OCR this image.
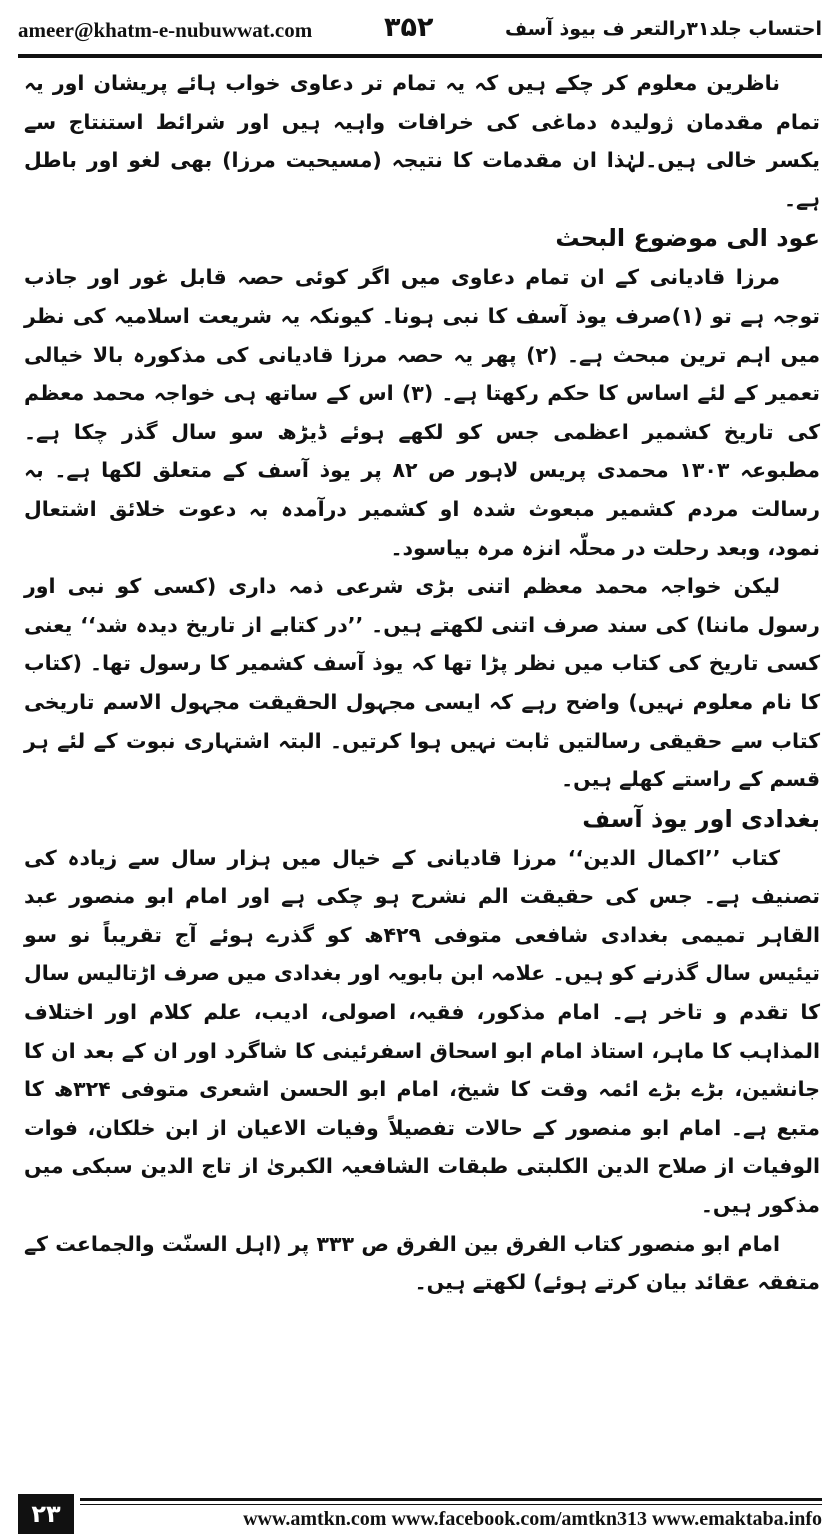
ameer@khatm-e-nubuwwat.com	۳۵۲	احتساب جلد۳۱رالتعر ف بیوذ آسف

ناظرین معلوم کر چکے ہیں کہ یہ تمام تر دعاوی خواب ہائے پریشان اور یہ تمام مقدمان ژولیدہ دماغی کی خرافات واہیہ ہیں اور شرائط استنتاج سے یکسر خالی ہیں۔لہٰذا ان مقدمات کا نتیجہ (مسیحیت مرزا) بھی لغو اور باطل ہے۔

عود الی موضوع البحث

مرزا قادیانی کے ان تمام دعاوی میں اگر کوئی حصہ قابل غور اور جاذب توجہ ہے تو (۱)صرف یوذ آسف کا نبی ہونا۔ کیونکہ یہ شریعت اسلامیہ کی نظر میں اہم ترین مبحث ہے۔ (۲) پھر یہ حصہ مرزا قادیانی کی مذکورہ بالا خیالی تعمیر کے لئے اساس کا حکم رکھتا ہے۔ (۳) اس کے ساتھ ہی خواجہ محمد معظم کی تاریخ کشمیر اعظمی جس کو لکھے ہوئے ڈیڑھ سو سال گذر چکا ہے۔ مطبوعہ ۱۳۰۳ محمدی پریس لاہور ص ۸۲ پر یوذ آسف کے متعلق لکھا ہے۔ بہ رسالت مردم کشمیر مبعوث شدہ او کشمیر درآمدہ بہ دعوت خلائق اشتعال نمود، وبعد رحلت در محلّہ انزہ مرہ بیاسود۔

لیکن خواجہ محمد معظم اتنی بڑی شرعی ذمہ داری (کسی کو نبی اور رسول ماننا) کی سند صرف اتنی لکھتے ہیں۔ ’’در کتابے از تاریخ دیدہ شد‘‘ یعنی کسی تاریخ کی کتاب میں نظر پڑا تھا کہ یوذ آسف کشمیر کا رسول تھا۔ (کتاب کا نام معلوم نہیں) واضح رہے کہ ایسی مجہول الحقیقت مجہول الاسم تاریخی کتاب سے حقیقی رسالتیں ثابت نہیں ہوا کرتیں۔ البتہ اشتہاری نبوت کے لئے ہر قسم کے راستے کھلے ہیں۔

بغدادی اور یوذ آسف

کتاب ’’اکمال الدین‘‘ مرزا قادیانی کے خیال میں ہزار سال سے زیادہ کی تصنیف ہے۔ جس کی حقیقت الم نشرح ہو چکی ہے اور امام ابو منصور عبد القاہر تمیمی بغدادی شافعی متوفی ۴۲۹ھ کو گذرے ہوئے آج تقریباً نو سو تیئیس سال گذرنے کو ہیں۔ علامہ ابن بابویہ اور بغدادی میں صرف اڑتالیس سال کا تقدم و تاخر ہے۔ امام مذکور، فقیہ، اصولی، ادیب، علم کلام اور اختلاف المذاہب کا ماہر، استاذ امام ابو اسحاق اسفرئینی کا شاگرد اور ان کے بعد ان کا جانشین، بڑے بڑے ائمہ وقت کا شیخ، امام ابو الحسن اشعری متوفی ۳۲۴ھ کا متبع ہے۔ امام ابو منصور کے حالات تفصیلاً وفیات الاعیان از ابن خلکان، فوات الوفیات از صلاح الدین الکلبتی طبقات الشافعیہ الکبریٰ از تاج الدین سبکی میں مذکور ہیں۔

امام ابو منصور کتاب الفرق بین الفرق ص ۳۳۳ پر (اہل السنّت والجماعت کے متفقہ عقائد بیان کرتے ہوئے) لکھتے ہیں۔

۲۳	www.amtkn.com www.facebook.com/amtkn313 www.emaktaba.info
